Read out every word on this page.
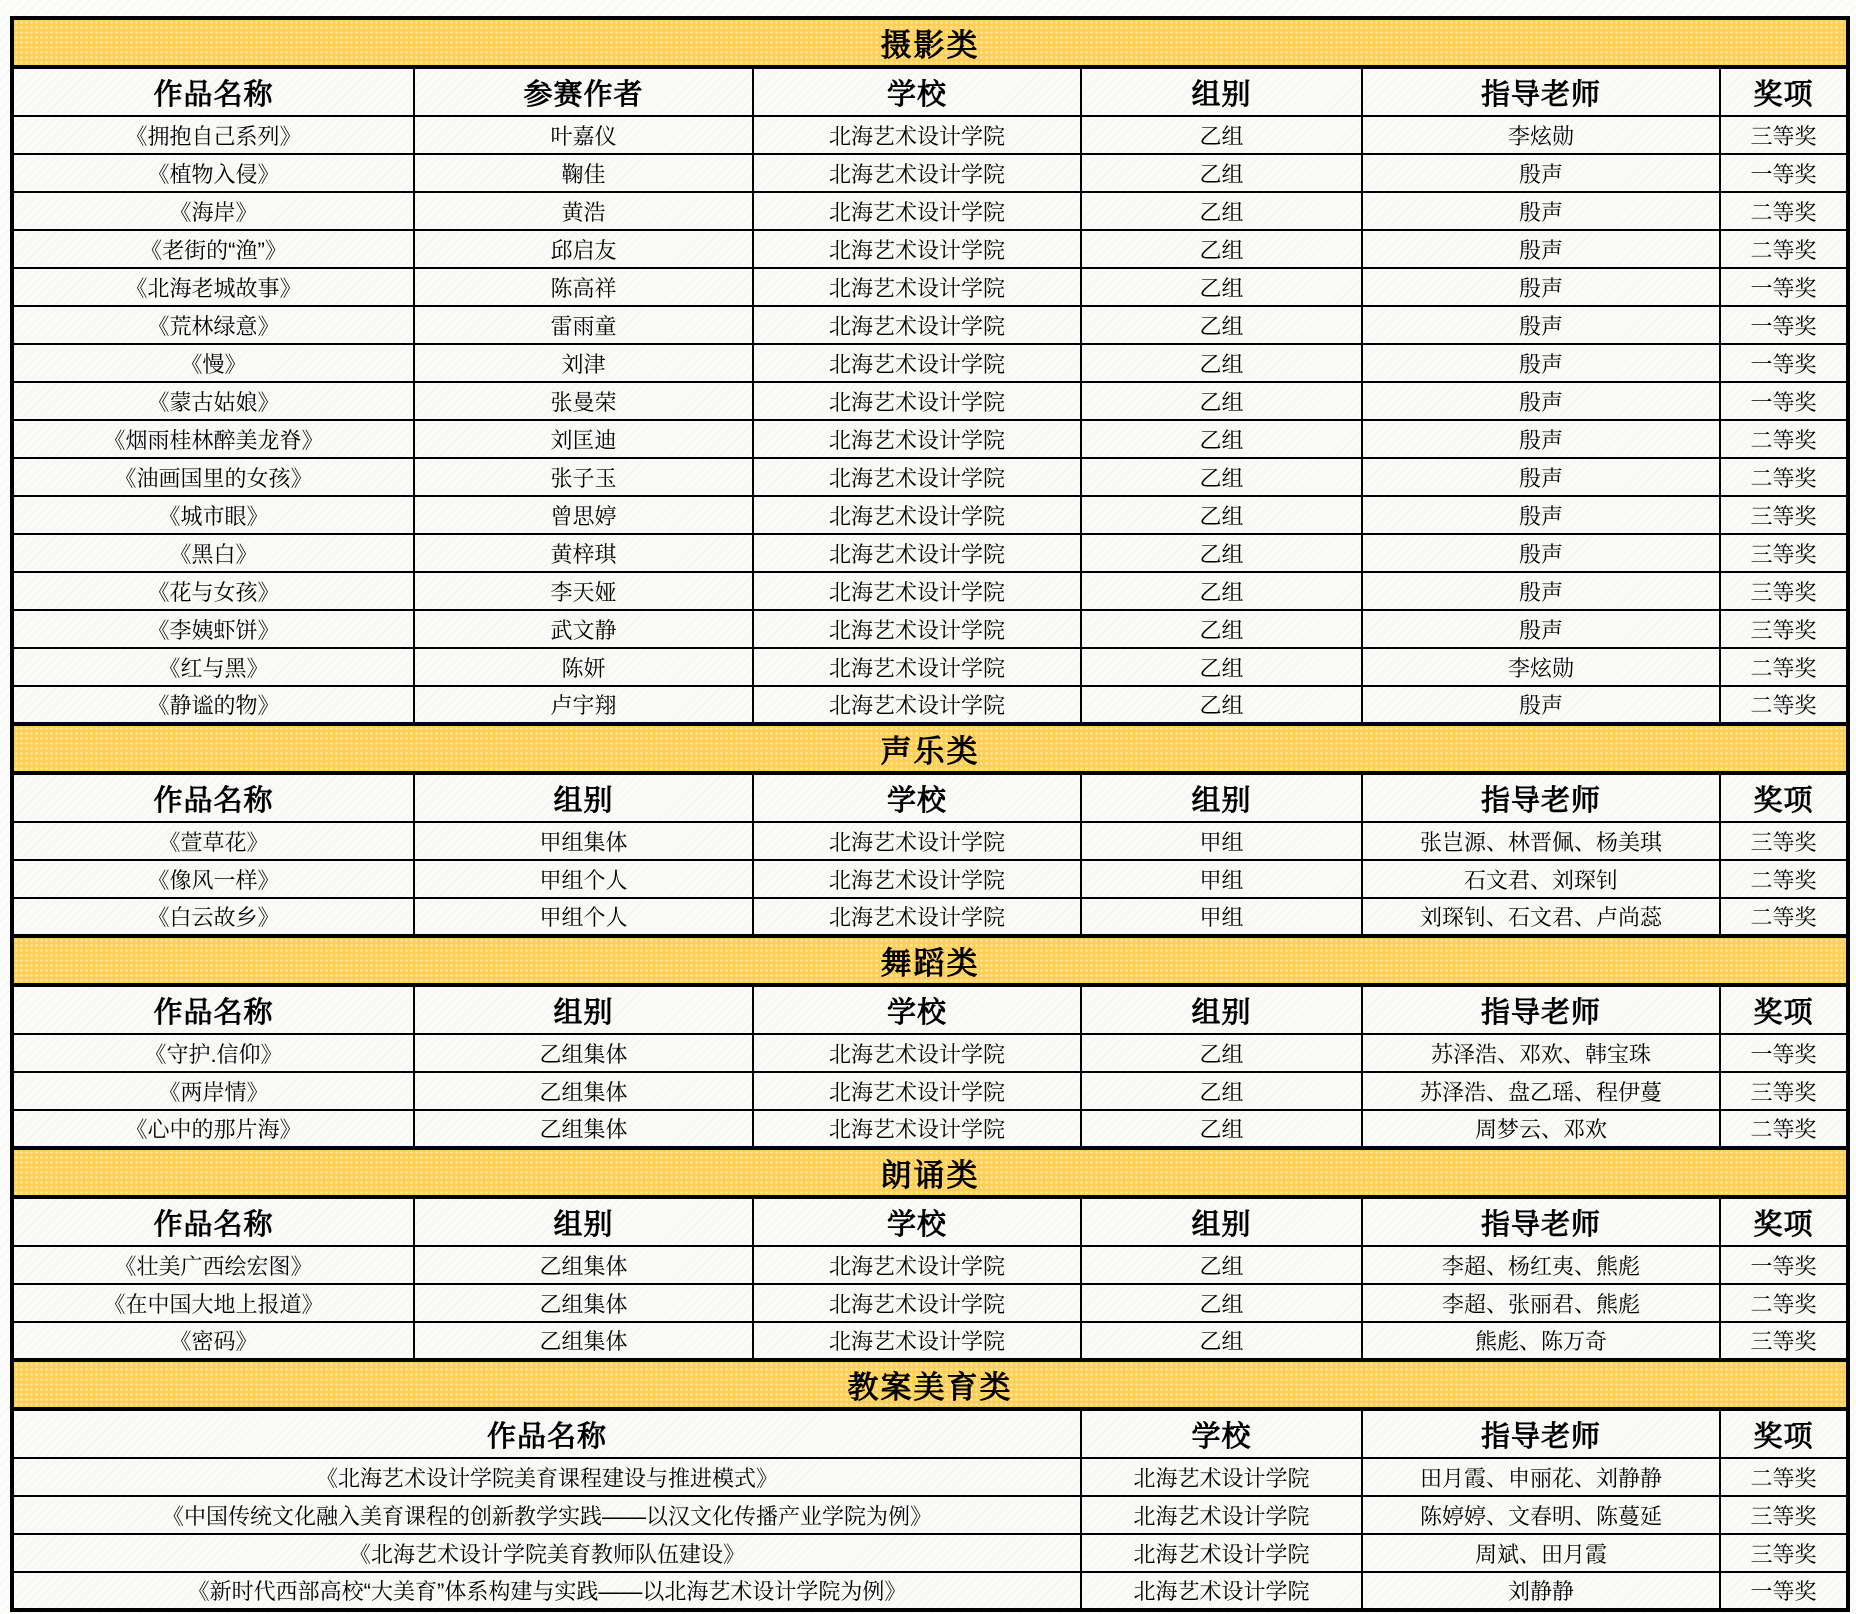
摄影类					
作品名称	参赛作者	学校	组别	指导老师	奖项
《拥抱自己系列》	叶嘉仪	北海艺术设计学院	乙组	李炫勋	三等奖
《植物入侵》	鞠佳	北海艺术设计学院	乙组	殷声	一等奖
《海岸》	黄浩	北海艺术设计学院	乙组	殷声	二等奖
《老街的“渔”》	邱启友	北海艺术设计学院	乙组	殷声	二等奖
《北海老城故事》	陈高祥	北海艺术设计学院	乙组	殷声	一等奖
《荒林绿意》	雷雨童	北海艺术设计学院	乙组	殷声	一等奖
《慢》	刘津	北海艺术设计学院	乙组	殷声	一等奖
《蒙古姑娘》	张曼荣	北海艺术设计学院	乙组	殷声	一等奖
《烟雨桂林醉美龙脊》	刘匡迪	北海艺术设计学院	乙组	殷声	二等奖
《油画国里的女孩》	张子玉	北海艺术设计学院	乙组	殷声	二等奖
《城市眼》	曾思婷	北海艺术设计学院	乙组	殷声	三等奖
《黑白》	黄梓琪	北海艺术设计学院	乙组	殷声	三等奖
《花与女孩》	李天娅	北海艺术设计学院	乙组	殷声	三等奖
《李姨虾饼》	武文静	北海艺术设计学院	乙组	殷声	三等奖
《红与黑》	陈妍	北海艺术设计学院	乙组	李炫勋	二等奖
《静谧的物》	卢宇翔	北海艺术设计学院	乙组	殷声	二等奖
声乐类					
作品名称	组别	学校	组别	指导老师	奖项
《萱草花》	甲组集体	北海艺术设计学院	甲组	张岂源、林晋佩、杨美琪	三等奖
《像风一样》	甲组个人	北海艺术设计学院	甲组	石文君、刘琛钊	二等奖
《白云故乡》	甲组个人	北海艺术设计学院	甲组	刘琛钊、石文君、卢尚蕊	二等奖
舞蹈类					
作品名称	组别	学校	组别	指导老师	奖项
《守护.信仰》	乙组集体	北海艺术设计学院	乙组	苏泽浩、邓欢、韩宝珠	一等奖
《两岸情》	乙组集体	北海艺术设计学院	乙组	苏泽浩、盘乙瑶、程伊蔓	三等奖
《心中的那片海》	乙组集体	北海艺术设计学院	乙组	周梦云、邓欢	二等奖
朗诵类					
作品名称	组别	学校	组别	指导老师	奖项
《壮美广西绘宏图》	乙组集体	北海艺术设计学院	乙组	李超、杨红夷、熊彪	一等奖
《在中国大地上报道》	乙组集体	北海艺术设计学院	乙组	李超、张丽君、熊彪	二等奖
《密码》	乙组集体	北海艺术设计学院	乙组	熊彪、陈万奇	三等奖
教案美育类					
作品名称			学校	指导老师	奖项
《北海艺术设计学院美育课程建设与推进模式》			北海艺术设计学院	田月霞、申丽花、刘静静	二等奖
《中国传统文化融入美育课程的创新教学实践——以汉文化传播产业学院为例》			北海艺术设计学院	陈婷婷、文春明、陈蔓延	三等奖
《北海艺术设计学院美育教师队伍建设》			北海艺术设计学院	周斌、田月霞	三等奖
《新时代西部高校“大美育”体系构建与实践——以北海艺术设计学院为例》			北海艺术设计学院	刘静静	一等奖
